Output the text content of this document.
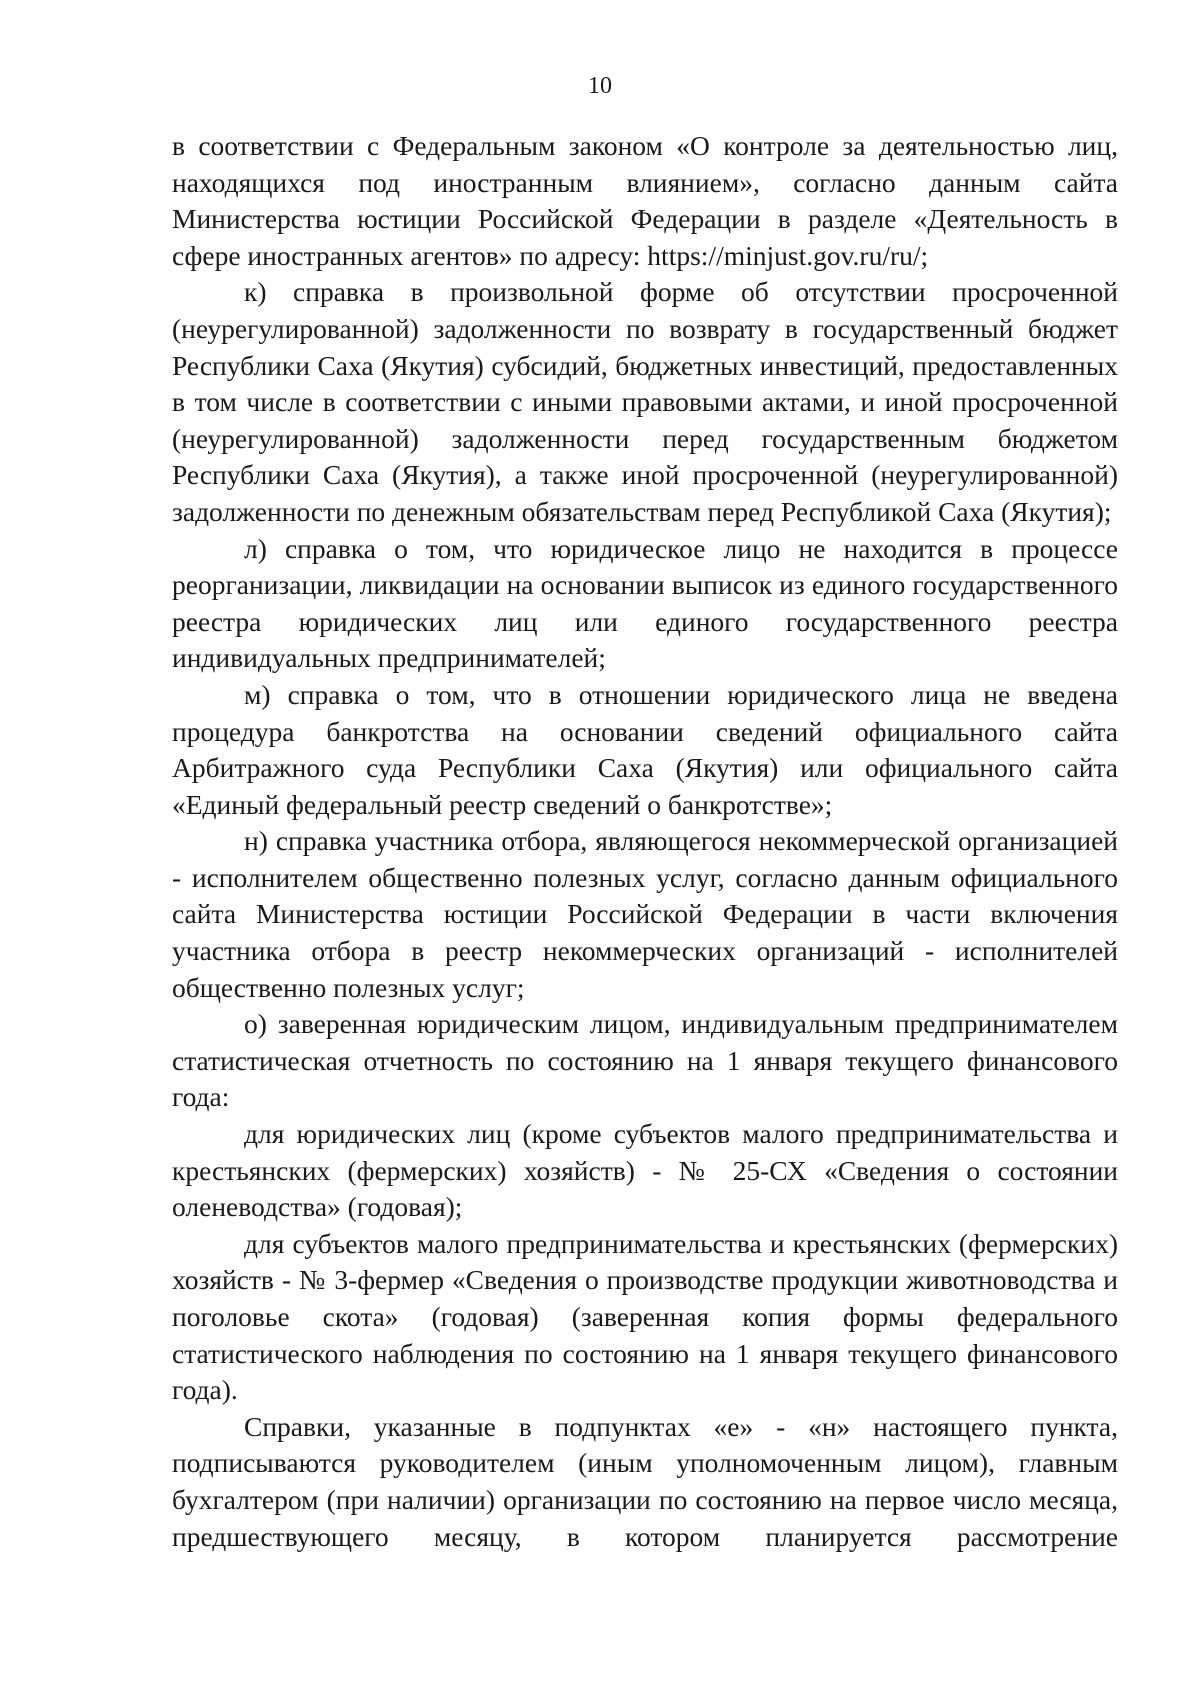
10

в соответствии с Федеральным законом «О контроле за деятельностью лиц, находящихся под иностранным влиянием», согласно данным сайта Министерства юстиции Российской Федерации в разделе «Деятельность в сфере иностранных агентов» по адресу: https://minjust.gov.ru/ru/;

к) справка в произвольной форме об отсутствии просроченной (неурегулированной) задолженности по возврату в государственный бюджет Республики Саха (Якутия) субсидий, бюджетных инвестиций, предоставленных в том числе в соответствии с иными правовыми актами, и иной просроченной (неурегулированной) задолженности перед государственным бюджетом Республики Саха (Якутия), а также иной просроченной (неурегулированной) задолженности по денежным обязательствам перед Республикой Саха (Якутия);

л) справка о том, что юридическое лицо не находится в процессе реорганизации, ликвидации на основании выписок из единого государственного реестра юридических лиц или единого государственного реестра индивидуальных предпринимателей;

м) справка о том, что в отношении юридического лица не введена процедура банкротства на основании сведений официального сайта Арбитражного суда Республики Саха (Якутия) или официального сайта «Единый федеральный реестр сведений о банкротстве»;

н) справка участника отбора, являющегося некоммерческой организацией - исполнителем общественно полезных услуг, согласно данным официального сайта Министерства юстиции Российской Федерации в части включения участника отбора в реестр некоммерческих организаций - исполнителей общественно полезных услуг;

о) заверенная юридическим лицом, индивидуальным предпринимателем статистическая отчетность по состоянию на 1 января текущего финансового года:

для юридических лиц (кроме субъектов малого предпринимательства и крестьянских (фермерских) хозяйств) - № 25-СХ «Сведения о состоянии оленеводства» (годовая);

для субъектов малого предпринимательства и крестьянских (фермерских) хозяйств - № 3-фермер «Сведения о производстве продукции животноводства и поголовье скота» (годовая) (заверенная копия формы федерального статистического наблюдения по состоянию на 1 января текущего финансового года).

Справки, указанные в подпунктах «е» - «н» настоящего пункта, подписываются руководителем (иным уполномоченным лицом), главным бухгалтером (при наличии) организации по состоянию на первое число месяца, предшествующего месяцу, в котором планируется рассмотрение
